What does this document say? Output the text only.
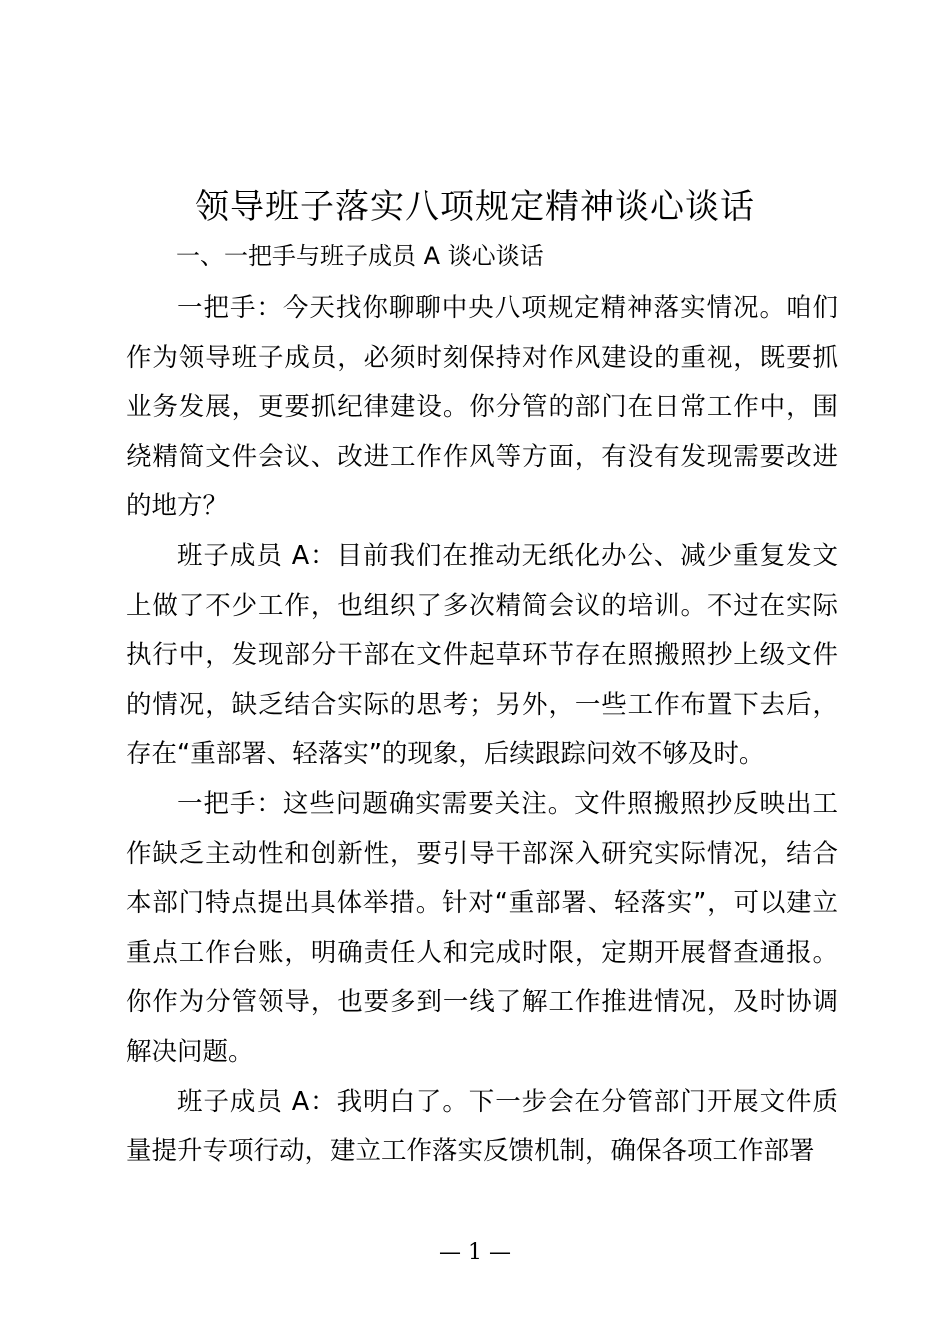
领导班子落实八项规定精神谈心谈话
一、一把手与班子成员 A 谈心谈话

一把手：今天找你聊聊中央八项规定精神落实情况。咱们作为领导班子成员，必须时刻保持对作风建设的重视，既要抓业务发展，更要抓纪律建设。你分管的部门在日常工作中，围绕精简文件会议、改进工作作风等方面，有没有发现需要改进的地方？

班子成员 A：目前我们在推动无纸化办公、减少重复发文上做了不少工作，也组织了多次精简会议的培训。不过在实际执行中，发现部分干部在文件起草环节存在照搬照抄上级文件的情况，缺乏结合实际的思考；另外，一些工作布置下去后，存在“重部署、轻落实”的现象，后续跟踪问效不够及时。

一把手：这些问题确实需要关注。文件照搬照抄反映出工作缺乏主动性和创新性，要引导干部深入研究实际情况，结合本部门特点提出具体举措。针对“重部署、轻落实”，可以建立重点工作台账，明确责任人和完成时限，定期开展督查通报。你作为分管领导，也要多到一线了解工作推进情况，及时协调解决问题。

班子成员 A：我明白了。下一步会在分管部门开展文件质量提升专项行动，建立工作落实反馈机制，确保各项工作部署

— 1 —
